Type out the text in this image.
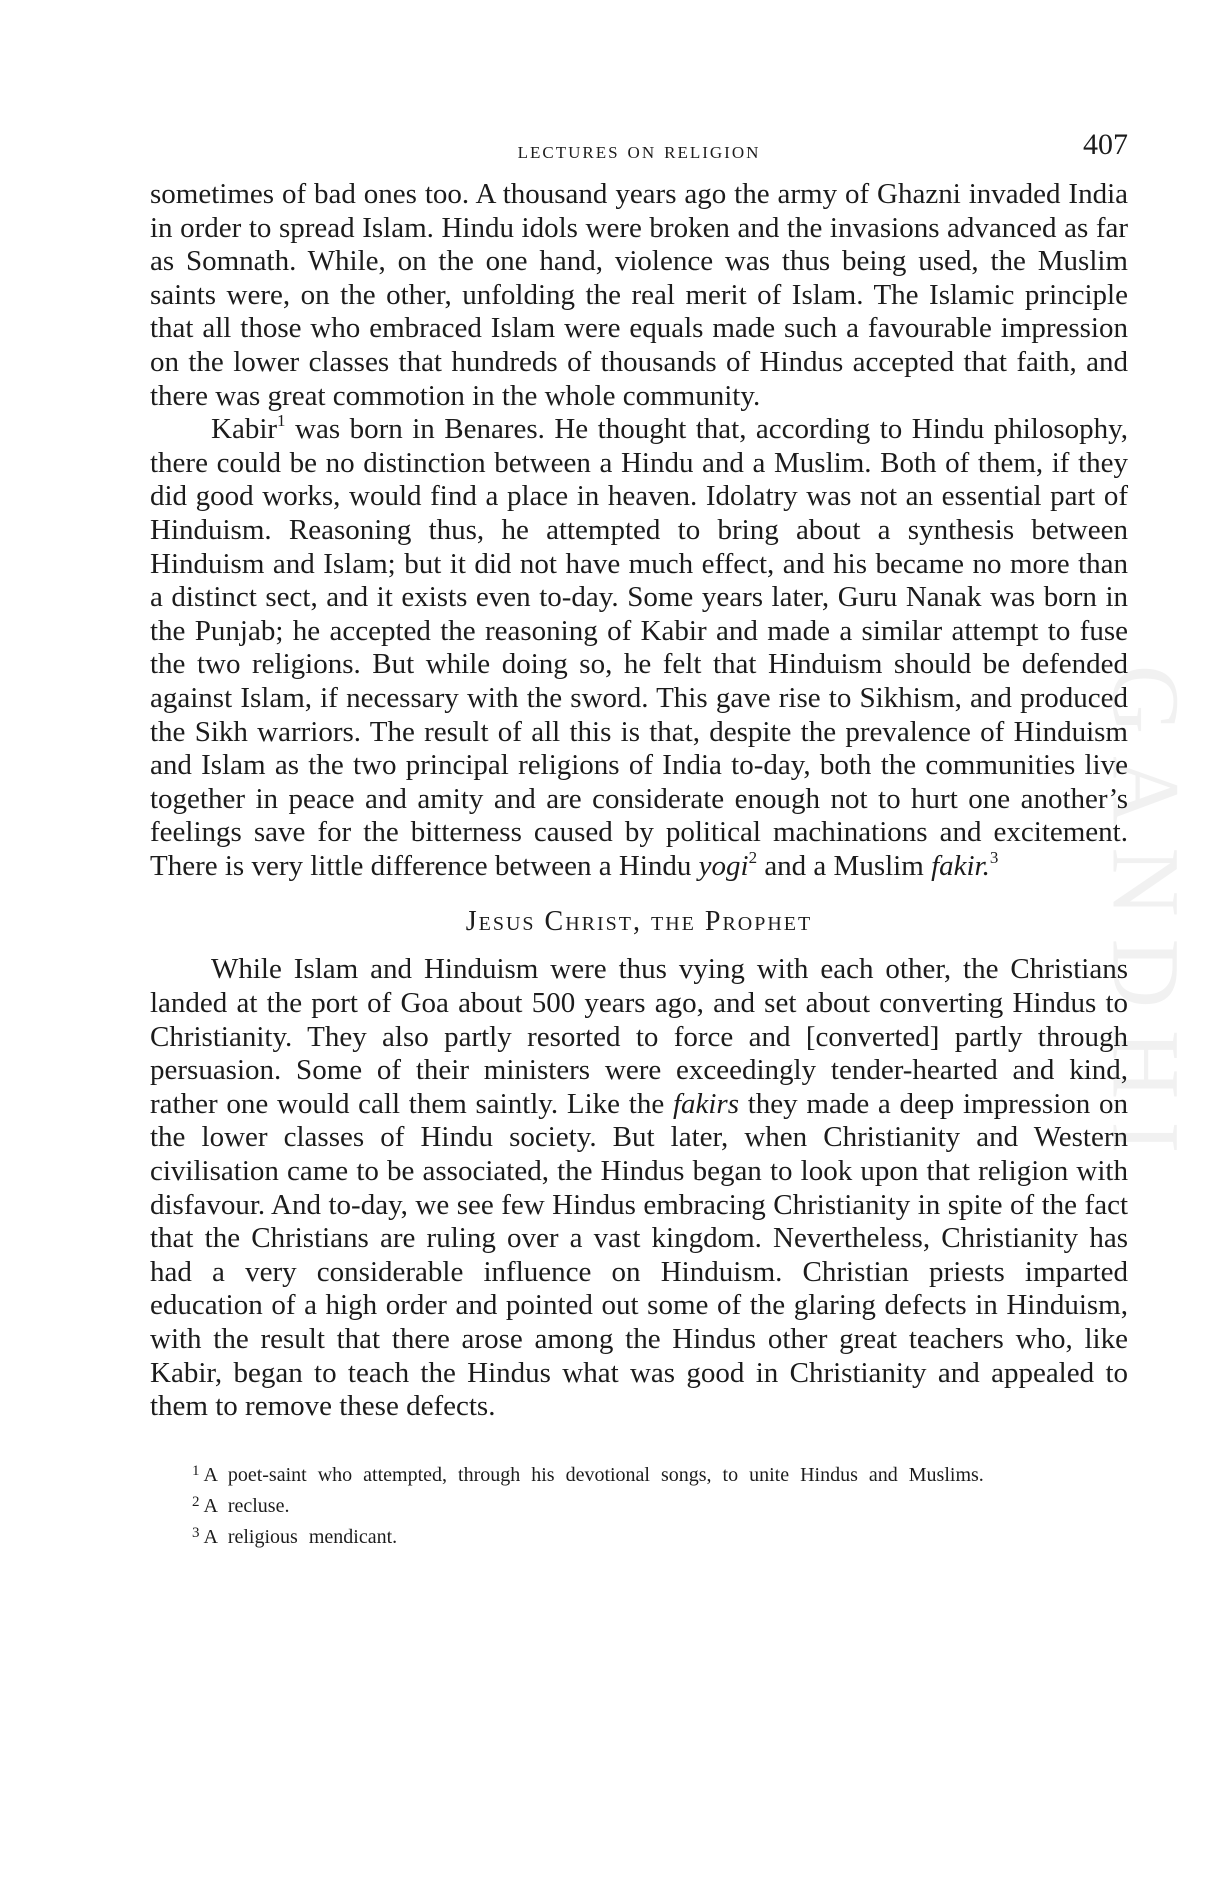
GANDHI
lectures on religion	407

sometimes of bad ones too. A thousand years ago the army of Ghazni invaded India in order to spread Islam. Hindu idols were broken and the invasions advanced as far as Somnath. While, on the one hand, violence was thus being used, the Muslim saints were, on the other, unfolding the real merit of Islam. The Islamic principle that all those who embraced Islam were equals made such a favourable impression on the lower classes that hundreds of thousands of Hindus accepted that faith, and there was great commotion in the whole community.

Kabir$^1$ was born in Benares. He thought that, according to Hindu philosophy, there could be no distinction between a Hindu and a Muslim. Both of them, if they did good works, would find a place in heaven. Idolatry was not an essential part of Hinduism. Reasoning thus, he attempted to bring about a synthesis between Hinduism and Islam; but it did not have much effect, and his became no more than a distinct sect, and it exists even to-day. Some years later, Guru Nanak was born in the Punjab; he accepted the reasoning of Kabir and made a similar attempt to fuse the two religions. But while doing so, he felt that Hinduism should be defended against Islam, if necessary with the sword. This gave rise to Sikhism, and produced the Sikh warriors. The result of all this is that, despite the prevalence of Hinduism and Islam as the two principal religions of India to-day, both the communities live together in peace and amity and are considerate enough not to hurt one another’s feelings save for the bitterness caused by political machinations and excitement. There is very little difference between a Hindu yogi$^2$ and a Muslim fakir.$^3$

Jesus Christ, the Prophet

While Islam and Hinduism were thus vying with each other, the Christians landed at the port of Goa about 500 years ago, and set about converting Hindus to Christianity. They also partly resorted to force and [converted] partly through persuasion. Some of their ministers were exceedingly tender-hearted and kind, rather one would call them saintly. Like the fakirs they made a deep impression on the lower classes of Hindu society. But later, when Christianity and Western civilisation came to be associated, the Hindus began to look upon that religion with disfavour. And to-day, we see few Hindus embracing Christianity in spite of the fact that the Christians are ruling over a vast kingdom. Nevertheless, Christianity has had a very considerable influence on Hinduism. Christian priests imparted education of a high order and pointed out some of the glaring defects in Hinduism, with the result that there arose among the Hindus other great teachers who, like Kabir, began to teach the Hindus what was good in Christianity and appealed to them to remove these defects.

$^1$ A poet-saint who attempted, through his devotional songs, to unite Hindus and Muslims.

$^2$ A recluse.

$^3$ A religious mendicant.
